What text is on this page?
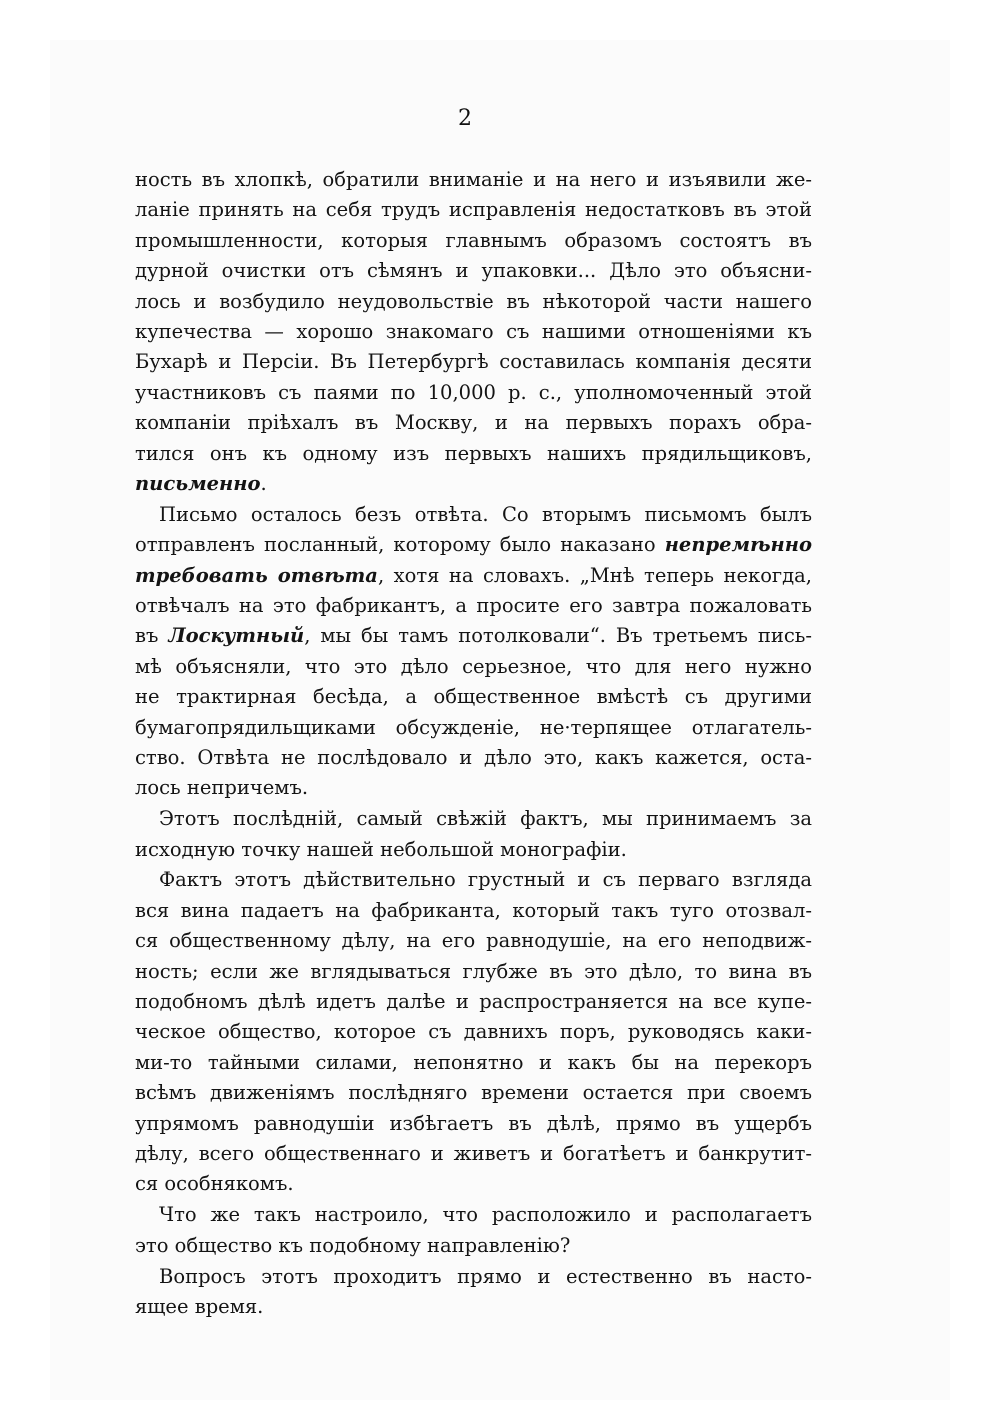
2
ность въ хлопкѣ, обратили вниманіе и на него и изъявили же-
ланіе принять на себя трудъ исправленія недостатковъ въ этой
промышленности, которыя главнымъ образомъ состоятъ въ
дурной очистки отъ сѣмянъ и упаковки... Дѣло это объясни-
лось и возбудило неудовольствіе въ нѣкоторой части нашего
купечества — хорошо знакомаго съ нашими отношеніями къ
Бухарѣ и Персіи. Въ Петербургѣ составилась компанія десяти
участниковъ съ паями по 10,000 р. с., уполномоченный этой
компаніи пріѣхалъ въ Москву, и на первыхъ порахъ обра-
тился онъ къ одному изъ первыхъ нашихъ прядильщиковъ,
письменно.
Письмо осталось безъ отвѣта. Со вторымъ письмомъ былъ
отправленъ посланный, которому было наказано непремѣнно
требовать отвѣта, хотя на словахъ. „Мнѣ теперь некогда,
отвѣчалъ на это фабрикантъ, а просите его завтра пожаловать
въ Лоскутный, мы бы тамъ потолковали“. Въ третьемъ пись-
мѣ объясняли, что это дѣло серьезное, что для него нужно
не трактирная бесѣда, а общественное вмѣстѣ съ другими
бумагопрядильщиками обсужденіе, не·терпящее отлагатель-
ство. Отвѣта не послѣдовало и дѣло это, какъ кажется, оста-
лось непричемъ.
Этотъ послѣдній, самый свѣжій фактъ, мы принимаемъ за
исходную точку нашей небольшой монографіи.
Фактъ этотъ дѣйствительно грустный и съ перваго взгляда
вся вина падаетъ на фабриканта, который такъ туго отозвал-
ся общественному дѣлу, на его равнодушіе, на его неподвиж-
ность; если же вглядываться глубже въ это дѣло, то вина въ
подобномъ дѣлѣ идетъ далѣе и распространяется на все купе-
ческое общество, которое съ давнихъ поръ, руководясь каки-
ми-то тайными силами, непонятно и какъ бы на перекоръ
всѣмъ движеніямъ послѣдняго времени остается при своемъ
упрямомъ равнодушіи избѣгаетъ въ дѣлѣ, прямо въ ущербъ
дѣлу, всего общественнаго и живетъ и богатѣетъ и банкрутит-
ся особнякомъ.
Что же такъ настроило, что расположило и располагаетъ
это общество къ подобному направленію?
Вопросъ этотъ проходитъ прямо и естественно въ насто-
ящее время.
